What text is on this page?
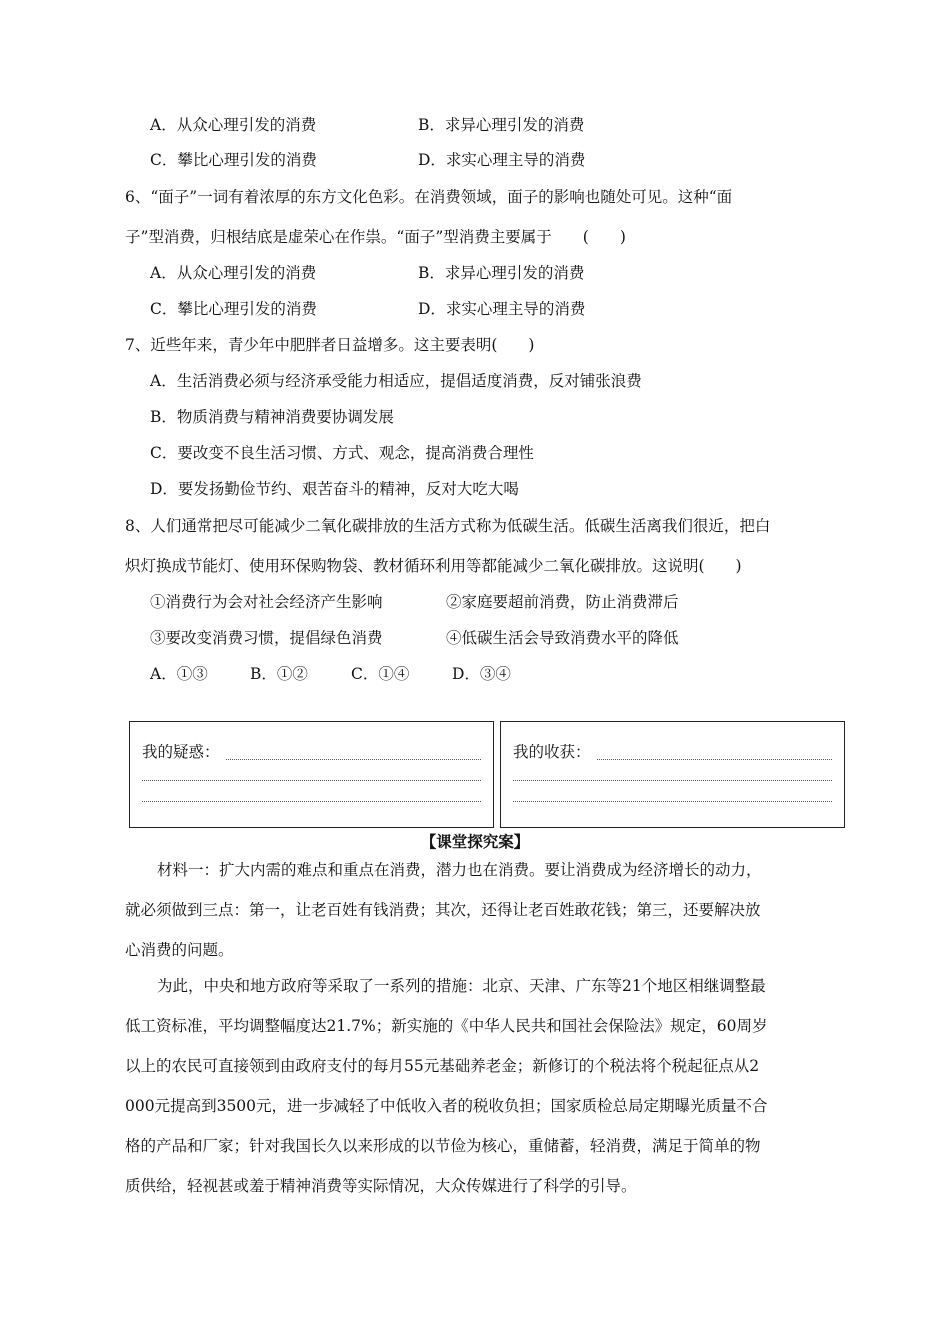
A．从众心理引发的消费	B．求异心理引发的消费
C．攀比心理引发的消费	D．求实心理主导的消费
6、“面子”一词有着浓厚的东方文化色彩。在消费领域，面子的影响也随处可见。这种“面
子”型消费，归根结底是虚荣心在作祟。“面子”型消费主要属于　　(　　)
A．从众心理引发的消费	B．求异心理引发的消费
C．攀比心理引发的消费	D．求实心理主导的消费
7、近些年来，青少年中肥胖者日益增多。这主要表明(　　)
A．生活消费必须与经济承受能力相适应，提倡适度消费，反对铺张浪费
B．物质消费与精神消费要协调发展
C．要改变不良生活习惯、方式、观念，提高消费合理性
D．要发扬勤俭节约、艰苦奋斗的精神，反对大吃大喝
8、人们通常把尽可能减少二氧化碳排放的生活方式称为低碳生活。低碳生活离我们很近，把白
炽灯换成节能灯、使用环保购物袋、教材循环利用等都能减少二氧化碳排放。这说明(　　)
①消费行为会对社会经济产生影响	②家庭要超前消费，防止消费滞后
③要改变消费习惯，提倡绿色消费	④低碳生活会导致消费水平的降低
A．①③	B．①②	C．①④	D．③④
我的疑惑：	我的收获：
【课堂探究案】
材料一：扩大内需的难点和重点在消费，潜力也在消费。要让消费成为经济增长的动力，
就必须做到三点：第一，让老百姓有钱消费；其次，还得让老百姓敢花钱；第三，还要解决放
心消费的问题。
为此，中央和地方政府等采取了一系列的措施：北京、天津、广东等21个地区相继调整最
低工资标准，平均调整幅度达21.7%；新实施的《中华人民共和国社会保险法》规定，60周岁
以上的农民可直接领到由政府支付的每月55元基础养老金；新修订的个税法将个税起征点从2
000元提高到3500元，进一步减轻了中低收入者的税收负担；国家质检总局定期曝光质量不合
格的产品和厂家；针对我国长久以来形成的以节俭为核心，重储蓄，轻消费，满足于简单的物
质供给，轻视甚或羞于精神消费等实际情况，大众传媒进行了科学的引导。
